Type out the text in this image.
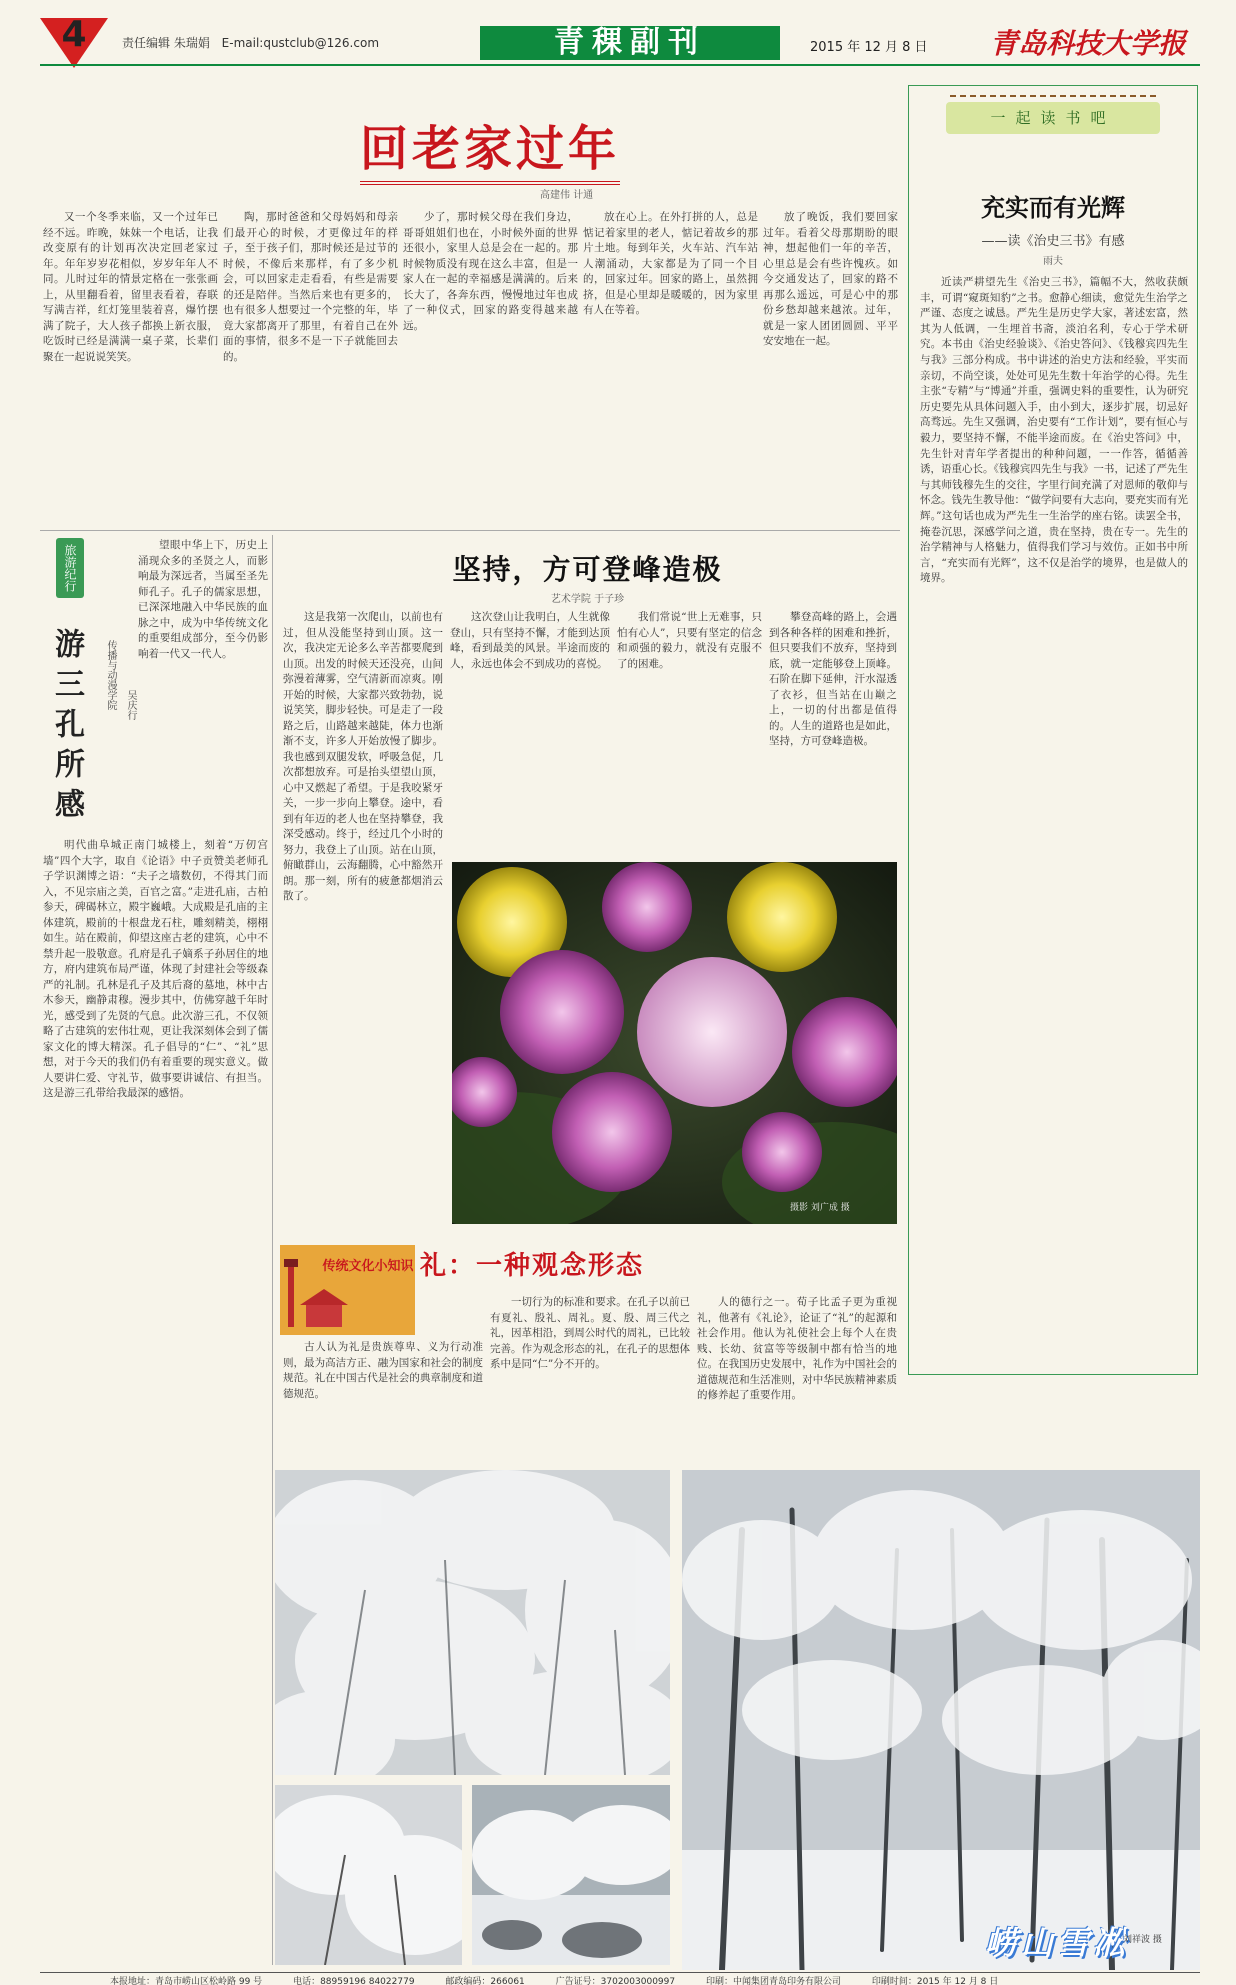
4	责任编辑 朱瑞娟 E-mail:qustclub@126.com	青稞副刊	2015 年 12 月 8 日 青岛科技大学报
回老家过年
高建伟 计通

又一个冬季来临，又一个过年已经不远。昨晚，妹妹一个电话，让我改变原有的计划再次决定回老家过年。年年岁岁花相似，岁岁年年人不同。儿时过年的情景定格在一张张画上，从里翻看着，留里表看着，春联写满吉祥，红灯笼里装着喜，爆竹摆满了院子，大人孩子都换上新衣服，吃饭时已经是满满一桌子菜，长辈们聚在一起说说笑笑。

陶，那时爸爸和父母妈妈和母亲们最开心的时候，才更像过年的样子，至于孩子们，那时候还是过节的时候，不像后来那样，有了多少机会，可以回家走走看看，有些是需要的还是陪伴。当然后来也有更多的，也有很多人想要过一个完整的年，毕竟大家都离开了那里，有着自己在外面的事情，很多不是一下子就能回去的。

少了，那时候父母在我们身边，哥哥姐姐们也在，小时候外面的世界还很小，家里人总是会在一起的。那时候物质没有现在这么丰富，但是一家人在一起的幸福感是满满的。后来长大了，各奔东西，慢慢地过年也成了一种仪式，回家的路变得越来越远。

放在心上。在外打拼的人，总是惦记着家里的老人，惦记着故乡的那片土地。每到年关，火车站、汽车站人潮涌动，大家都是为了同一个目的，回家过年。回家的路上，虽然拥挤，但是心里却是暖暖的，因为家里有人在等着。

放了晚饭，我们要回家过年。看着父母那期盼的眼神，想起他们一年的辛苦，心里总是会有些许愧疚。如今交通发达了，回家的路不再那么遥远，可是心中的那份乡愁却越来越浓。过年，就是一家人团团圆圆、平平安安地在一起。

一起读书吧
充实而有光辉
——读《治史三书》有感
雨夫

近读严耕望先生《治史三书》，篇幅不大，然收获颇丰，可谓“窥斑知豹”之书。愈静心细读，愈觉先生治学之严谨、态度之诚恳。严先生是历史学大家，著述宏富，然其为人低调，一生埋首书斋，淡泊名利，专心于学术研究。本书由《治史经验谈》、《治史答问》、《钱穆宾四先生与我》三部分构成。书中讲述的治史方法和经验，平实而亲切，不尚空谈，处处可见先生数十年治学的心得。先生主张“专精”与“博通”并重，强调史料的重要性，认为研究历史要先从具体问题入手，由小到大，逐步扩展，切忌好高骛远。先生又强调，治史要有“工作计划”，要有恒心与毅力，要坚持不懈，不能半途而废。在《治史答问》中，先生针对青年学者提出的种种问题，一一作答，循循善诱，语重心长。《钱穆宾四先生与我》一书，记述了严先生与其师钱穆先生的交往，字里行间充满了对恩师的敬仰与怀念。钱先生教导他：“做学问要有大志向，要充实而有光辉。”这句话也成为严先生一生治学的座右铭。读罢全书，掩卷沉思，深感学问之道，贵在坚持，贵在专一。先生的治学精神与人格魅力，值得我们学习与效仿。正如书中所言，“充实而有光辉”，这不仅是治学的境界，也是做人的境界。

旅游纪行
游三孔所感	传播与动漫学院 吴庆行

望眼中华上下，历史上涌现众多的圣贤之人，而影响最为深远者，当属至圣先师孔子。孔子的儒家思想，已深深地融入中华民族的血脉之中，成为中华传统文化的重要组成部分，至今仍影响着一代又一代人。

明代曲阜城正南门城楼上，刻着“万仞宫墙”四个大字，取自《论语》中子贡赞美老师孔子学识渊博之语：“夫子之墙数仞，不得其门而入，不见宗庙之美，百官之富。”走进孔庙，古柏参天，碑碣林立，殿宇巍峨。大成殿是孔庙的主体建筑，殿前的十根盘龙石柱，雕刻精美，栩栩如生。站在殿前，仰望这座古老的建筑，心中不禁升起一股敬意。孔府是孔子嫡系子孙居住的地方，府内建筑布局严谨，体现了封建社会等级森严的礼制。孔林是孔子及其后裔的墓地，林中古木参天，幽静肃穆。漫步其中，仿佛穿越千年时光，感受到了先贤的气息。此次游三孔，不仅领略了古建筑的宏伟壮观，更让我深刻体会到了儒家文化的博大精深。孔子倡导的“仁”、“礼”思想，对于今天的我们仍有着重要的现实意义。做人要讲仁爱、守礼节，做事要讲诚信、有担当。这是游三孔带给我最深的感悟。

坚持，方可登峰造极
艺术学院 于子珍

这是我第一次爬山，以前也有过，但从没能坚持到山顶。这一次，我决定无论多么辛苦都要爬到山顶。出发的时候天还没亮，山间弥漫着薄雾，空气清新而凉爽。刚开始的时候，大家都兴致勃勃，说说笑笑，脚步轻快。可是走了一段路之后，山路越来越陡，体力也渐渐不支，许多人开始放慢了脚步。我也感到双腿发软，呼吸急促，几次都想放弃。可是抬头望望山顶，心中又燃起了希望。于是我咬紧牙关，一步一步向上攀登。途中，看到有年迈的老人也在坚持攀登，我深受感动。终于，经过几个小时的努力，我登上了山顶。站在山顶，俯瞰群山，云海翻腾，心中豁然开朗。那一刻，所有的疲惫都烟消云散了。

这次登山让我明白，人生就像登山，只有坚持不懈，才能到达顶峰，看到最美的风景。半途而废的人，永远也体会不到成功的喜悦。

我们常说“世上无难事，只怕有心人”，只要有坚定的信念和顽强的毅力，就没有克服不了的困难。

攀登高峰的路上，会遇到各种各样的困难和挫折，但只要我们不放弃，坚持到底，就一定能够登上顶峰。石阶在脚下延伸，汗水湿透了衣衫，但当站在山巅之上，一切的付出都是值得的。人生的道路也是如此，坚持，方可登峰造极。

摄影 刘广成 摄
传统文化小知识 礼：一种观念形态

古人认为礼是贵族尊卑、义为行动准则，最为高洁方正、融为国家和社会的制度规范。礼在中国古代是社会的典章制度和道德规范。

一切行为的标准和要求。在孔子以前已有夏礼、殷礼、周礼。夏、殷、周三代之礼，因革相沿，到周公时代的周礼，已比较完善。作为观念形态的礼，在孔子的思想体系中是同“仁”分不开的。

人的德行之一。荀子比孟子更为重视礼，他著有《礼论》，论证了“礼”的起源和社会作用。他认为礼使社会上每个人在贵贱、长幼、贫富等等级制中都有恰当的地位。在我国历史发展中，礼作为中国社会的道德规范和生活准则，对中华民族精神素质的修养起了重要作用。

崂山雪凇
刘祥波 摄
本报地址：青岛市崂山区松岭路 99 号	电话：88959196 84022779	邮政编码：266061	广告证号：3702003000997	印刷：中闻集团青岛印务有限公司	印刷时间：2015 年 12 月 8 日
